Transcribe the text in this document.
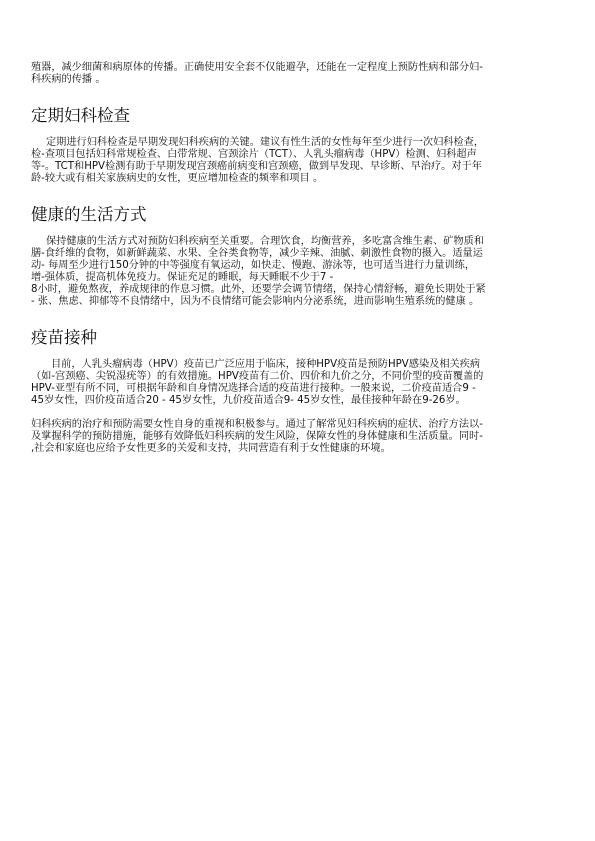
殖器，减少细菌和病原体的传播。正确使用安全套不仅能避孕，还能在一定程度上预防性病和部分妇-
科疾病的传播 。

定期妇科检查

定期进行妇科检查是早期发现妇科疾病的关键。建议有性生活的女性每年至少进行一次妇科检查，
检-查项目包括妇科常规检查、白带常规、宫颈涂片（TCT）、人乳头瘤病毒（HPV）检测、妇科超声
等-。TCT和HPV检测有助于早期发现宫颈癌前病变和宫颈癌，做到早发现、早诊断、早治疗。对于年
龄-较大或有相关家族病史的女性，更应增加检查的频率和项目 。

健康的生活方式

保持健康的生活方式对预防妇科疾病至关重要。合理饮食，均衡营养，多吃富含维生素、矿物质和
膳-食纤维的食物，如新鲜蔬菜、水果、全谷类食物等，减少辛辣、油腻、刺激性食物的摄入。适量运
动- 每周至少进行150分钟的中等强度有氧运动，如快走、慢跑、游泳等，也可适当进行力量训练，
增-强体质，提高机体免疫力。保证充足的睡眠，每天睡眠不少于7 -
8小时，避免熬夜，养成规律的作息习惯。此外，还要学会调节情绪，保持心情舒畅，避免长期处于紧
- 张、焦虑、抑郁等不良情绪中，因为不良情绪可能会影响内分泌系统，进而影响生殖系统的健康 。

疫苗接种

目前，人乳头瘤病毒（HPV）疫苗已广泛应用于临床，接种HPV疫苗是预防HPV感染及相关疾病
（如-宫颈癌、尖锐湿疣等）的有效措施。HPV疫苗有二价、四价和九价之分，不同价型的疫苗覆盖的
HPV-亚型有所不同，可根据年龄和自身情况选择合适的疫苗进行接种。一般来说，二价疫苗适合9 -
45岁女性，四价疫苗适合20 - 45岁女性，九价疫苗适合9- 45岁女性，最佳接种年龄在9-26岁。

妇科疾病的治疗和预防需要女性自身的重视和积极参与。通过了解常见妇科疾病的症状、治疗方法以-
及掌握科学的预防措施，能够有效降低妇科疾病的发生风险，保障女性的身体健康和生活质量。同时-
,社会和家庭也应给予女性更多的关爱和支持，共同营造有利于女性健康的环境。
